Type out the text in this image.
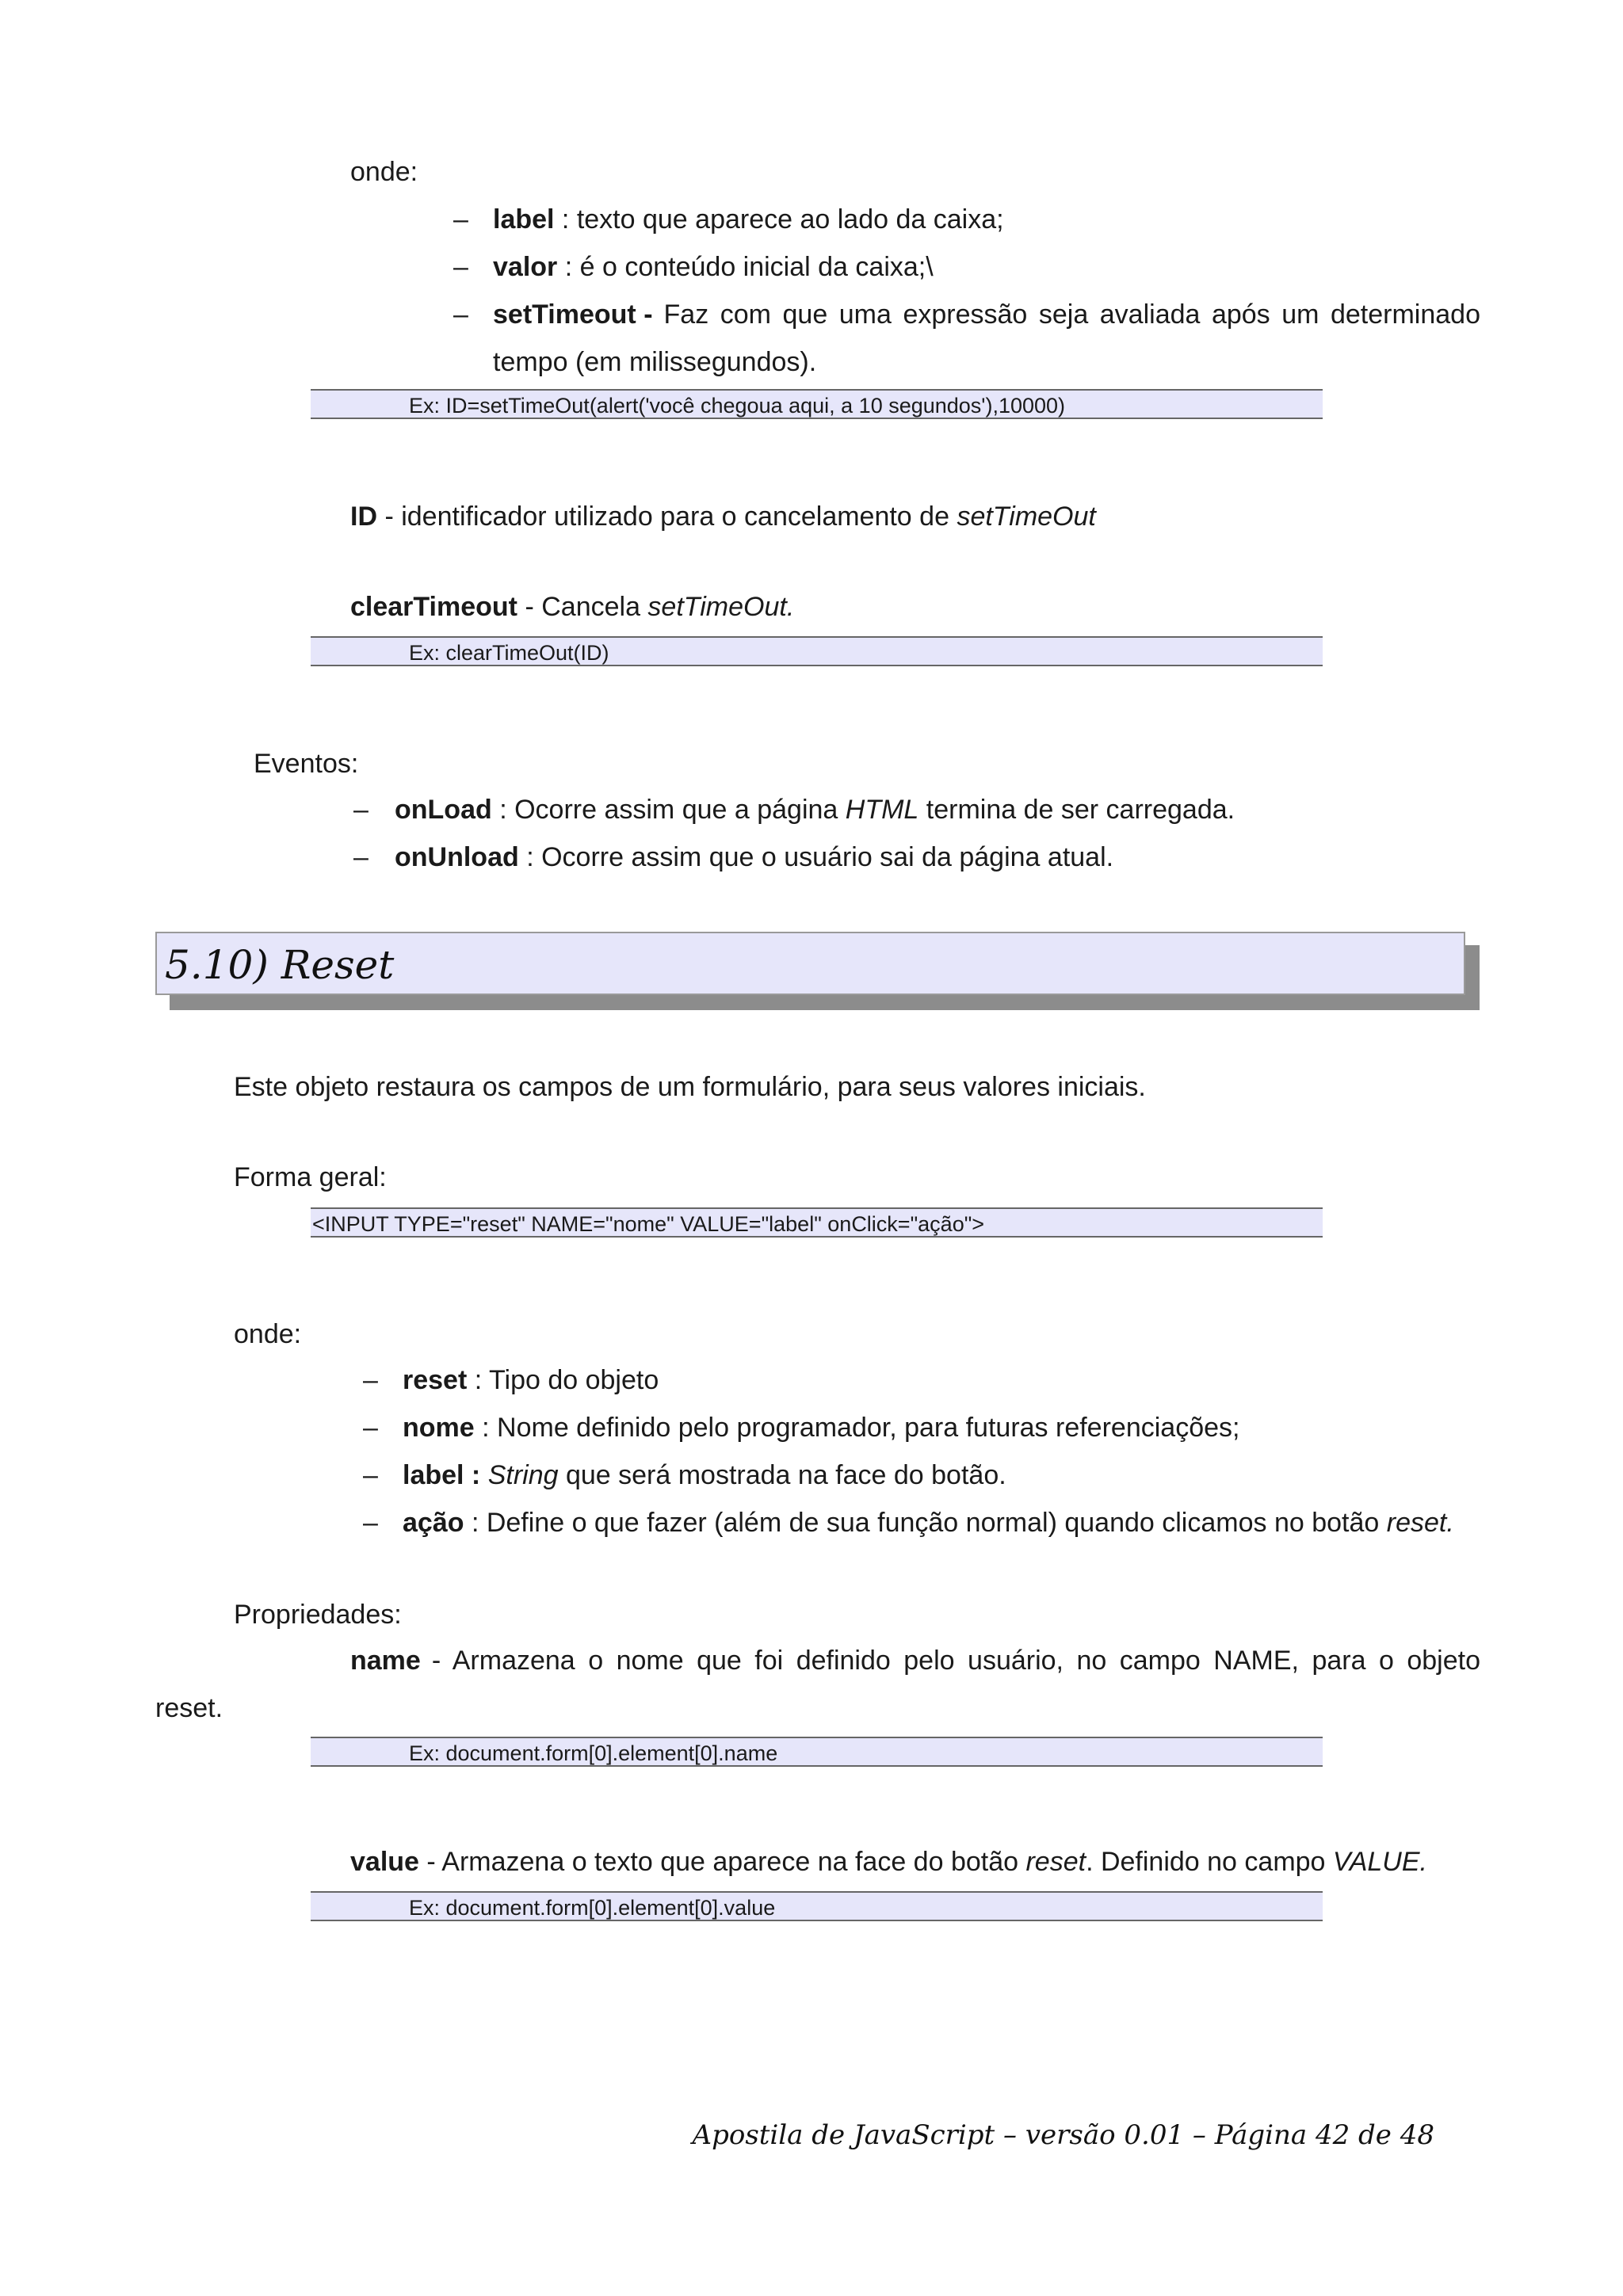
onde:
– label : texto que aparece ao lado da caixa;
– valor : é o conteúdo inicial da caixa;\
– setTimeout - Faz com que uma expressão seja avaliada após um determinado
tempo (em milissegundos).
Ex: ID=setTimeOut(alert('você chegoua aqui, a 10 segundos'),10000)
ID - identificador utilizado para o cancelamento de setTimeOut
clearTimeout - Cancela setTimeOut.
Ex: clearTimeOut(ID)
Eventos:
– onLoad : Ocorre assim que a página HTML termina de ser carregada.
– onUnload : Ocorre assim que o usuário sai da página atual.
5.10) Reset
Este objeto restaura os campos de um formulário, para seus valores iniciais.
Forma geral:
<INPUT TYPE="reset" NAME="nome" VALUE="label" onClick="ação">
onde:
– reset : Tipo do objeto
– nome : Nome definido pelo programador, para futuras referenciações;
– label : String que será mostrada na face do botão.
– ação : Define o que fazer (além de sua função normal) quando clicamos no botão reset.
Propriedades:
name - Armazena o nome que foi definido pelo usuário, no campo NAME, para o objeto
reset.
Ex: document.form[0].element[0].name
value - Armazena o texto que aparece na face do botão reset. Definido no campo VALUE.
Ex: document.form[0].element[0].value
Apostila de JavaScript – versão 0.01 – Página 42 de 48
